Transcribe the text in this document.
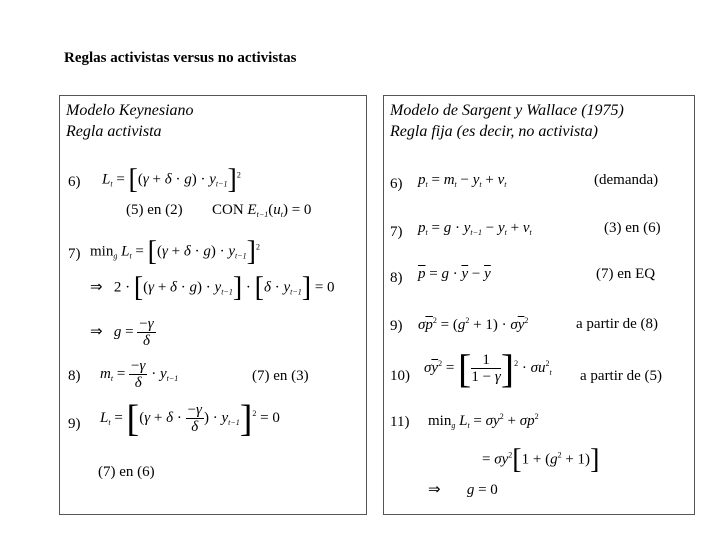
Reglas activistas versus no activistas
Modelo Keynesiano
Regla activista
6) $L_t = [(\gamma + \delta \cdot g) \cdot y_{t-1}]^2$
(5) en (2) CON $E_{t-1}(u_t) = 0$
7) $\min_g L_t = [(\gamma + \delta \cdot g) \cdot y_{t-1}]^2$
⇒   $2 \cdot [(\gamma + \delta \cdot g) \cdot y_{t-1}] \cdot [\delta \cdot y_{t-1}] = 0$
⇒ $g = \frac{-\gamma}{\delta}$
8) $m_t = \frac{-\gamma}{\delta} \cdot y_{t-1}$	(7) en (3)
9) $L_t = [(\gamma + \delta \cdot \frac{-\gamma}{\delta}$ ) · $y_{t-1}]^2 = 0$
(7) en (6)
Modelo de Sargent y Wallace (1975)
Regla fija (es decir, no activista)
6) $p_t = m_t - y_t + v_t$	(demanda)
7) $p_t = g \cdot y_{t-1} - y_t + v_t$	(3) en (6)
8) $\overline{p} = g \cdot \overline{y} - \overline{y}$	(7) en EQ
9) $\sigma\overline{p}^2 = (g^2 + 1) \cdot \sigma\overline{y}^2$	a partir de (8)
10)
$\sigma\overline{y}^2$ = [ $\frac{1}{1 - \gamma} ]^2 \cdot \sigma u^2_t$ a partir de (5)
11) $\min_g L_t = \sigma y^2 + \sigma p^2$
= $\sigma y^2[1 + (g^2 + 1)]$
⇒ g = 0
